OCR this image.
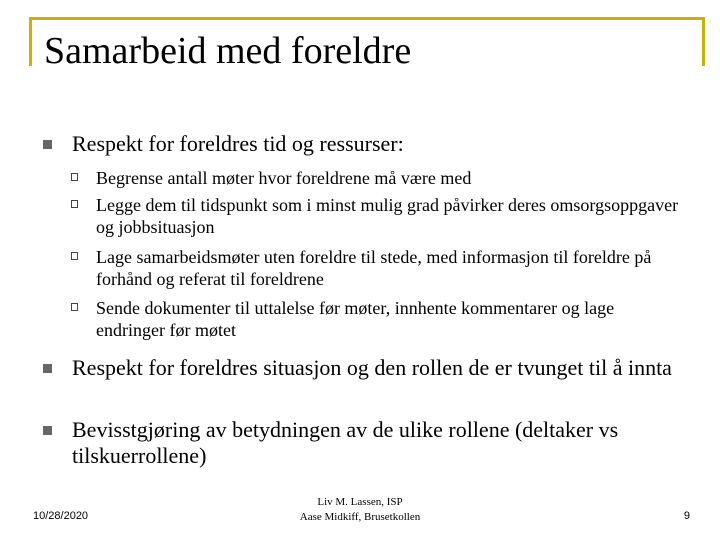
Samarbeid med foreldre
Respekt for foreldres tid og ressurser:
Begrense antall møter hvor foreldrene må være med
Legge dem til tidspunkt som i minst mulig grad påvirker deres omsorgsoppgaver og jobbsituasjon
Lage samarbeidsmøter uten foreldre til stede, med informasjon til foreldre på forhånd og referat til foreldrene
Sende dokumenter til uttalelse før møter, innhente kommentarer og lage endringer før møtet
Respekt for foreldres situasjon og den rollen de er tvunget til å innta
Bevisstgjøring av betydningen av de ulike rollene (deltaker vs tilskuerrollene)
10/28/2020
Liv M. Lassen, ISP
Aase Midkiff, Brusetkollen	9
